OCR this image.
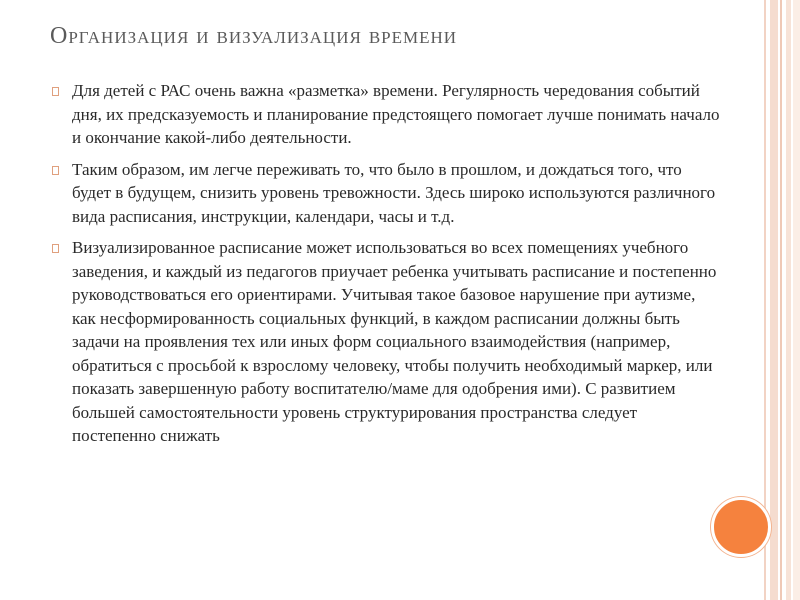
Организация и визуализация времени
Для детей с РАС очень важна «разметка» времени. Регулярность чередования событий дня, их предсказуемость и планирование предстоящего помогает лучше понимать начало и окончание какой-либо деятельности.
Таким образом, им легче переживать то, что было в прошлом, и дождаться того, что будет в будущем, снизить уровень тревожности. Здесь широко используются различного вида расписания, инструкции, календари, часы и т.д.
Визуализированное расписание может использоваться во всех помещениях учебного заведения, и каждый из педагогов приучает ребенка учитывать расписание и постепенно руководствоваться его ориентирами. Учитывая такое базовое нарушение при аутизме, как несформированность социальных функций, в каждом расписании должны быть задачи на проявления тех или иных форм социального взаимодействия (например, обратиться с просьбой к взрослому человеку, чтобы получить необходимый маркер, или показать завершенную работу воспитателю/маме для одобрения ими). С развитием большей самостоятельности уровень структурирования пространства следует постепенно снижать
